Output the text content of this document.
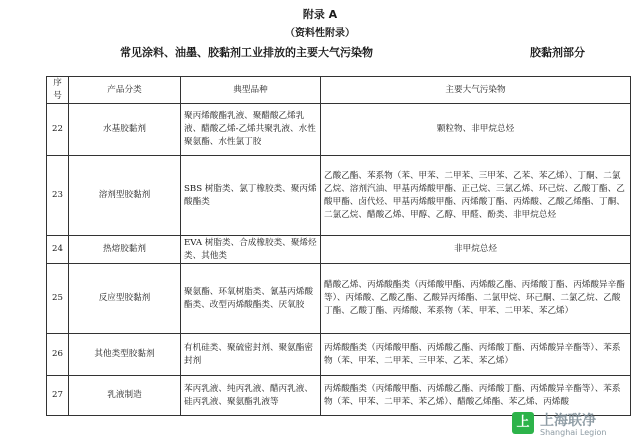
附录 A
（资料性附录）
常见涂料、油墨、胶黏剂工业排放的主要大气污染物	胶黏剂部分
序号	产品分类	典型品种	主要大气污染物
22	水基胶黏剂	聚丙烯酸酯乳液、聚醋酸乙烯乳液、醋酸乙烯-乙烯共聚乳液、水性聚氨酯、水性氯丁胶	颗粒物、非甲烷总烃
23	溶剂型胶黏剂	SBS 树脂类、氯丁橡胶类、聚丙烯酸酯类	乙酸乙酯、苯系物（苯、甲苯、二甲苯、三甲苯、乙苯、苯乙烯）、丁酮、二氯乙烷、溶剂汽油、甲基丙烯酸甲酯、正己烷、三氯乙烯、环己烷、乙酸丁酯、乙酸甲酯、卤代烃、甲基丙烯酸甲酯、丙烯酸丁酯、丙烯酸、乙酸乙烯酯、丁酮、二氯乙烷、醋酸乙烯、甲醇、乙醇、甲醛、酚类、非甲烷总烃
24	热熔胶黏剂	EVA 树脂类、合成橡胶类、聚烯烃类、其他类	非甲烷总烃
25	反应型胶黏剂	聚氨酯、环氧树脂类、氰基丙烯酸酯类、改型丙烯酸酯类、厌氧胶	醋酸乙烯、丙烯酸酯类（丙烯酸甲酯、丙烯酸乙酯、丙烯酸丁酯、丙烯酸异辛酯等）、丙烯酸、乙酸乙酯、乙酸异丙烯酯、二氯甲烷、环己酮、二氯乙烷、乙酸丁酯、乙酸丁酯、丙烯酸、苯系物（苯、甲苯、二甲苯、苯乙烯）
26	其他类型胶黏剂	有机硅类、聚硫密封剂、聚氨酯密封剂	丙烯酸酯类（丙烯酸甲酯、丙烯酸乙酯、丙烯酸丁酯、丙烯酸异辛酯等）、苯系物（苯、甲苯、二甲苯、三甲苯、乙苯、苯乙烯）
27	乳液制造	苯丙乳液、纯丙乳液、醋丙乳液、硅丙乳液、聚氨酯乳液等	丙烯酸酯类（丙烯酸甲酯、丙烯酸乙酯、丙烯酸丁酯、丙烯酸异辛酯等）、苯系物（苯、甲苯、二甲苯、苯乙烯）、醋酸乙烯酯、苯乙烯、丙烯酸
上 上海联净
Shanghai Legion
